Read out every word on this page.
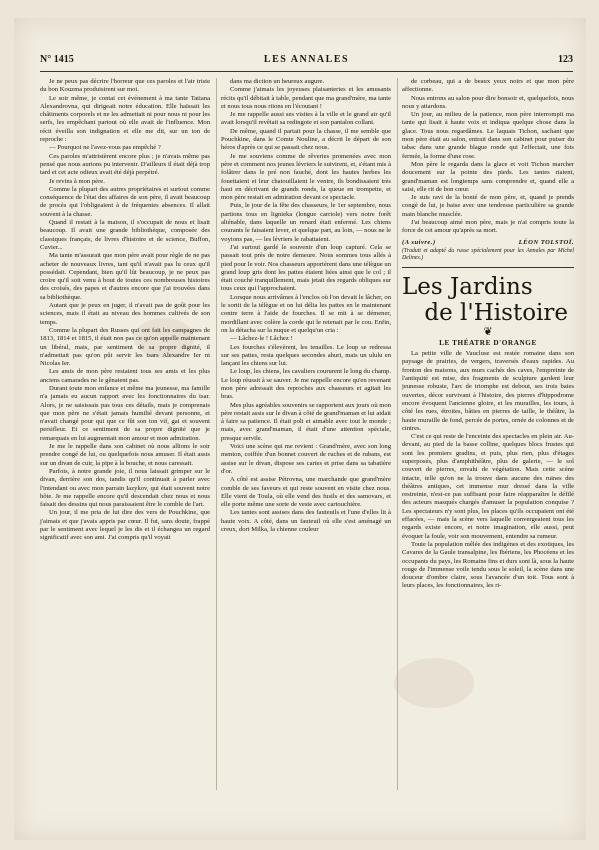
N° 1415	LES ANNALES	123

Je ne peux pas décrire l'horreur que ces paroles et l'air triste du bon Kouzma produisirent sur moi.

Le soir même, je contai cet événement à ma tante Tatiana Alexandrovna, qui dirigeait notre éducation. Elle haïssait les châtiments corporels et ne les admettait ni pour nous ni pour les serfs, les empêchant partout où elle avait de l'influence. Mon récit éveilla son indignation et elle me dit, sur un ton de reproche :

— Pourquoi ne l'avez-vous pas empêché ?

Ces paroles m'attristèrent encore plus ; je n'avais même pas pensé que nous aurions pu intervenir. D'ailleurs il était déjà trop tard et cet acte odieux avait été déjà perpétré.

Je revins à mon père.

Comme la plupart des autres propriétaires et surtout comme conséquence de l'état des affaires de son père, il avait beaucoup de procès qui l'obligeaient à de fréquentes absences. Il allait souvent à la chasse.

Quand il restait à la maison, il s'occupait de nous et lisait beaucoup. Il avait une grande bibliothèque, composée des classiques français, de livres d'histoire et de science, Buffon, Cuvier...

Ma tante m'assurait que mon père avait pour règle de ne pas acheter de nouveaux livres, tant qu'il n'avait pas lu ceux qu'il possédait. Cependant, bien qu'il lût beaucoup, je ne peux pas croire qu'il soit venu à bout de toutes ces nombreuses histoires des croisés, des papes et d'autres encore que j'ai trouvées dans sa bibliothèque.

Autant que je peux en juger, il n'avait pas de goût pour les sciences, mais il était au niveau des hommes cultivés de son temps.

Comme la plupart des Russes qui ont fait les campagnes de 1813, 1814 et 1815, il était non pas ce qu'on appelle maintenant un libéral, mais, par sentiment de sa propre dignité, il n'admettait pas qu'on pût servir les tsars Alexandre Ier ni Nicolas Ier.

Les amis de mon père restaient tous ses amis et les plus anciens camarades ne le gênaient pas.

Durant toute mon enfance et même ma jeunesse, ma famille n'a jamais eu aucun rapport avec les fonctionnaires du tsar. Alors, je ne saisissais pas tous ces détails, mais je comprenais que mon père ne s'était jamais humilié devant personne, et n'avait changé pour qui que ce fût son ton vif, gai et souvent persifleur. Et ce sentiment de sa propre dignité que je remarquais en lui augmentait mon amour et mon admiration.

Je me le rappelle dans son cabinet où nous allions le soir prendre congé de lui, ou quelquefois nous amuser. Il était assis sur un divan de cuir, la pipe à la bouche, et nous caressait.

Parfois, à notre grande joie, il nous laissait grimper sur le divan, derrière son dos, tandis qu'il continuait à parler avec l'intendant ou avec mon parrain Iazykov, qui était souvent notre hôte. Je me rappelle encore qu'il descendait chez nous et nous faisait des dessins qui nous paraissaient être le comble de l'art.

Un jour, il me pria de lui dire des vers de Pouchkine, que j'aimais et que j'avais appris par cœur. Il fut, sans doute, frappé par le sentiment avec lequel je les dis et il échangea un regard significatif avec son ami. J'ai compris qu'il voyait

dans ma diction un heureux augure.

Comme j'aimais les joyeuses plaisanteries et les amusants récits qu'il débitait à table, pendant que ma grand'mère, ma tante et nous tous nous riions en l'écoutant !

Je me rappelle aussi ses visites à la ville et le grand air qu'il avait lorsqu'il revêtait sa redingote et son pantalon collant.

De même, quand il partait pour la chasse, il me semble que Pouchkine, dans le Comte Nouline, a décrit le départ de son héros d'après ce qui se passait chez nous.

Je me souviens comme de rêveries promenées avec mon père et comment nos jeunes lévriers le suivirent, et, s'étant mis à folâtrer dans le pré non fauché, dont les hautes herbes les fouettaient et leur chatouillaient le ventre, ils bondissaient très haut en décrivant de grands ronds, la queue en trompette, et mon père restait en admiration devant ce spectacle.

Puis, le jour de la fête des chasseurs, le 1er septembre, nous partions tous en lignieka (longue carriole) vers notre forêt aliénable, dans laquelle un renard était enfermé. Les chiens courants le faisaient lever, et quelque part, au loin, — nous ne le voyions pas, — les lévriers le rabattaient.

J'ai surtout gardé le souvenir d'un loup capturé. Cela se passait tout près de notre demeure. Nous sommes tous allés à pied pour le voir. Nos chasseurs apportèrent dans une télègue un grand loup gris dont les pattes étaient liées ainsi que le col ; il était couché tranquillement, mais jetait des regards obliques sur tous ceux qui l'approchaient.

Lorsque nous arrivâmes à l'enclos où l'on devait le lâcher, on le sortit de la télègue et on lui délia les pattes en le maintenant contre terre à l'aide de fourches. Il se mit à se démener, mordillant avec colère la corde qui le retenait par le cou. Enfin, on la détacha sur la nuque et quelqu'un cria :

— Lâchez-le ! Lâchez !

Les fourches s'élevèrent, les tenailles. Le loup se redressa sur ses pattes, resta quelques secondes ahuri, mais un ululu en lançant les chiens sur lui.

Le loup, les chiens, les cavaliers coururent le long du champ. Le loup réussit à se sauver. Je me rappelle encore qu'en revenant mon père adressait des reproches aux chasseurs et agitait les bras.

Mes plus agréables souvenirs se rapportent aux jours où mon père restait assis sur le divan à côté de grand'maman et lui aidait à faire sa patience. Il était poli et aimable avec tout le monde ; mais, avec grand'maman, il était d'une attention spéciale, presque servile.

Voici une scène qui me revient : Grand'mère, avec son long menton, coiffée d'un bonnet couvert de ruches et de rubans, est assise sur le divan, dispose ses cartes et prise dans sa tabatière d'or.

A côté est assise Pétrovna, une marchande que grand'mère comble de ses faveurs et qui reste souvent en visite chez nous. Elle vient de Toula, où elle vend des fusils et des samovars, et elle porte même une sorte de veste avec cartouchière.

Les tantes sont assises dans des fauteuils et l'une d'elles lit à haute voix. A côté, dans un fauteuil où elle s'est aménagé un creux, dort Milka, la chienne couleur

de corbeau, qui a de beaux yeux noirs et que mon père affectionne.

Nous entrons au salon pour dire bonsoir et, quelquefois, nous nous y attardons.

Un jour, au milieu de la patience, mon père interrompit ma tante qui lisait à haute voix et indiqua quelque chose dans la glace. Tous nous regardâmes. Le laquais Tichon, sachant que mon père était au salon, entrait dans son cabinet pour puiser du tabac dans une grande blague ronde qui l'effectait, une fois fermée, la forme d'une rose.

Mon père le regarda dans la glace et voit Tichon marcher doucement sur la pointe des pieds. Les tantes riaient, grand'maman est longtemps sans comprendre et, quand elle a saisi, elle rit de bon cœur.

Je suis ravi de la bonté de mon père, et, quand je prends congé de lui, je baise avec une tendresse particulière sa grande main blanche musclée.

J'ai beaucoup aimé mon père, mais je n'ai compris toute la force de cet amour qu'après sa mort.

(A suivre.)	LÉON TOLSTOÏ.

(Traduit et adapté du russe spécialement pour les Annales par Michel Delines.)

Les Jardins
de l'Histoire
❦
LE THÉATRE D'ORANGE

La petite ville de Vaucluse est restée romaine dans son paysage de prairies, de vergers, traversés d'eaux rapides. Au fronton des maisons, aux murs cachés des caves, l'empreinte de l'antiquité est mise, des fragments de sculpture gardent leur jeunesse robuste, l'arc de triomphe est debout, ses trois baies ouvertes, décor survivant à l'histoire, des pierres d'hippodrome encore évoquent l'ancienne gloire, et les murailles, les tours, à côté les rues, étroites, bâties en pierres de taille, le théâtre, la haute muraille de fond, percée de portes, ornée de colonnes et de cintres.

C'est ce qui reste de l'enceinte des spectacles en plein air. Au-devant, au pied de la basse colline, quelques blocs frustes qui sont les premiers gradins, et puis, plus rien, plus d'étages superposés, plus d'amphithéâtre, plus de galerie, — le sol couvert de pierres, envahi de végétation. Mais cette scène intacte, telle qu'on ne la trouve dans aucune des ruines des théâtres antiques, cet immense mur dressé dans la ville restreinte, n'est-ce pas suffisant pour faire réapparaître le défilé des acteurs masqués chargés d'amuser la population conquise ? Les spectateurs n'y sont plus, les places qu'ils occupaient ont été effacées, — mais la scène vers laquelle convergeaient tous les regards existe encore, et notre imagination, elle aussi, peut évoquer la foule, voir son mouvement, entendre sa rumeur.

Toute la population mêlée des indigènes et des exotiques, les Cavares de la Gaule transalpine, les Ibériens, les Phocéens et les occupants du pays, les Romains fins et durs sont là, sous la haute rouge de l'immense voile tendu sous le soleil, la scène dans une douceur d'ombre claire, sous l'avancée d'un toit. Tous sont à leurs places, les fonctionnaires, les ri-
